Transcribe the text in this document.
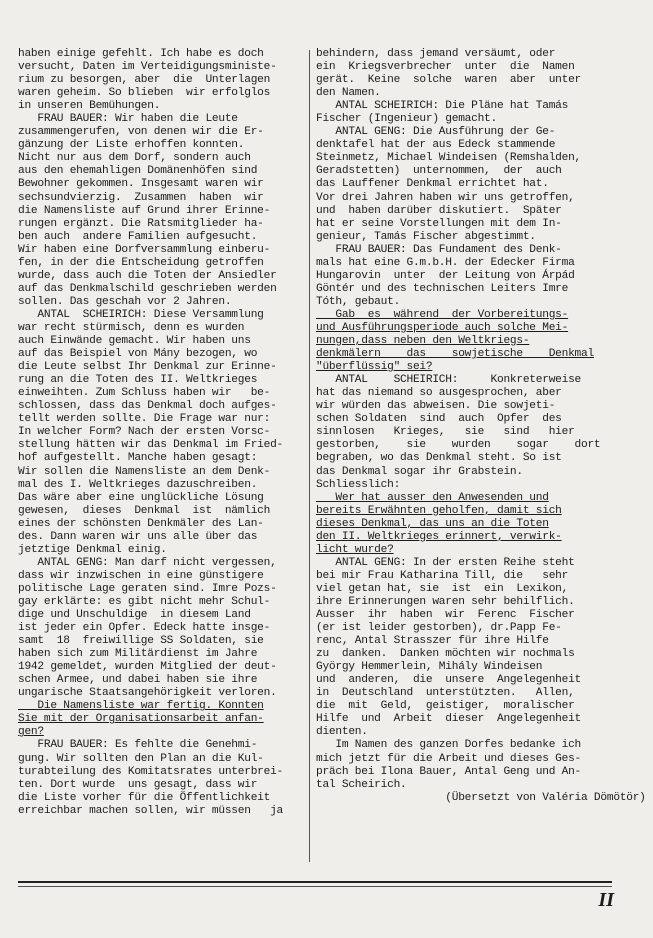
haben einige gefehlt. Ich habe es doch
versucht, Daten im Verteidigungsministe-
rium zu besorgen, aber  die  Unterlagen
waren geheim. So blieben  wir erfolglos
in unseren Bemühungen.

FRAU BAUER: Wir haben die Leute
zusammengerufen, von denen wir die Er-
gänzung der Liste erhoffen konnten.
Nicht nur aus dem Dorf, sondern auch
aus den ehemahligen Domänenhöfen sind
Bewohner gekommen. Insgesamt waren wir
sechsundvierzig.  Zusammen  haben  wir
die Namensliste auf Grund ihrer Erinne-
rungen ergänzt. Die Ratsmitglieder ha-
ben auch  andere Familien aufgesucht.
Wir haben eine Dorfversammlung einberu-
fen, in der die Entscheidung getroffen
wurde, dass auch die Toten der Ansiedler
auf das Denkmalschild geschrieben werden
sollen. Das geschah vor 2 Jahren.

ANTAL  SCHEIRICH: Diese Versammlung
war recht stürmisch, denn es wurden
auch Einwände gemacht. Wir haben uns
auf das Beispiel von Mány bezogen, wo
die Leute selbst Ihr Denkmal zur Erinne-
rung an die Toten des II. Weltkrieges
einweihten. Zum Schluss haben wir   be-
schlossen, dass das Denkmal doch aufges-
tellt werden sollte. Die Frage war nur:
In welcher Form? Nach der ersten Vorsc-
stellung hätten wir das Denkmal im Fried-
hof aufgestellt. Manche haben gesagt:
Wir sollen die Namensliste an dem Denk-
mal des I. Weltkrieges dazuschreiben.
Das wäre aber eine unglückliche Lösung
gewesen,  dieses  Denkmal  ist  nämlich
eines der schönsten Denkmäler des Lan-
des. Dann waren wir uns alle über das
jetztige Denkmal einig.

ANTAL GENG: Man darf nicht vergessen,
dass wir inzwischen in eine günstigere
politische Lage geraten sind. Imre Pozs-
gay erklärte: es gibt nicht mehr Schul-
dige und Unschuldige  in diesem Land
ist jeder ein Opfer. Edeck hatte insge-
samt  18  freiwillige SS Soldaten, sie
haben sich zum Militärdienst im Jahre
1942 gemeldet, wurden Mitglied der deut-
schen Armee, und dabei haben sie ihre
ungarische Staatsangehörigkeit verloren.

Die Namensliste war fertig. Konnten
Sie mit der Organisationsarbeit anfan-
gen?

FRAU BAUER: Es fehlte die Genehmi-
gung. Wir sollten den Plan an die Kul-
turabteilung des Komitatsrates unterbrei-
ten. Dort wurde  uns gesagt, dass wir
die Liste vorher für die Öffentlichkeit
erreichbar machen sollen, wir müssen   ja

behindern, dass jemand versäumt, oder
ein  Kriegsverbrecher  unter  die  Namen
gerät.  Keine  solche  waren  aber  unter
den Namen.

ANTAL SCHEIRICH: Die Pläne hat Tamás
Fischer (Ingenieur) gemacht.

ANTAL GENG: Die Ausführung der Ge-
denktafel hat der aus Edeck stammende
Steinmetz, Michael Windeisen (Remshalden,
Geradstetten)  unternommen,  der  auch
das Lauffener Denkmal errichtet hat.
Vor drei Jahren haben wir uns getroffen,
und  haben darüber diskutiert.  Später
hat er seine Vorstellungen mit dem In-
genieur, Tamás Fischer abgestimmt.

FRAU BAUER: Das Fundament des Denk-
mals hat eine G.m.b.H. der Edecker Firma
Hungarovin  unter  der Leitung von Árpád
Göntér und des technischen Leiters Imre
Tóth, gebaut.

Gab  es  während  der Vorbereitungs-
und Ausführungsperiode auch solche Mei-
nungen,dass neben den Weltkriegs-
denkmälern    das    sowjetische    Denkmal
"überflüssig" sei?

ANTAL    SCHEIRICH:     Konkreterweise
hat das niemand so ausgesprochen, aber
wir würden das abweisen. Die sowjeti-
schen Soldaten  sind  auch  Opfer  des
sinnlosen   Krieges,   sie   sind   hier
gestorben,    sie    wurden    sogar    dort
begraben, wo das Denkmal steht. So ist
das Denkmal sogar ihr Grabstein.
Schliesslich:

Wer hat ausser den Anwesenden und
bereits Erwähnten geholfen, damit sich
dieses Denkmal, das uns an die Toten
den II. Weltkrieges erinnert, verwirk-
licht wurde?

ANTAL GENG: In der ersten Reihe steht
bei mir Frau Katharina Till, die   sehr
viel getan hat, sie  ist  ein  Lexikon,
ihre Erinnerungen waren sehr behilflich.
Ausser  ihr  haben  wir  Ferenc  Fischer
(er ist leider gestorben), dr.Papp Fe-
renc, Antal Strasszer für ihre Hilfe
zu  danken.  Danken möchten wir nochmals
György Hemmerlein, Mihály Windeisen
und  anderen,  die  unsere  Angelegenheit
in  Deutschland  unterstützten.   Allen,
die  mit  Geld,  geistiger,  moralischer
Hilfe  und  Arbeit  dieser  Angelegenheit
dienten.

Im Namen des ganzen Dorfes bedanke ich
mich jetzt für die Arbeit und dieses Ges-
präch bei Ilona Bauer, Antal Geng und An-
tal Scheirich.

(Übersetzt von Valéria Dömötör)

II
